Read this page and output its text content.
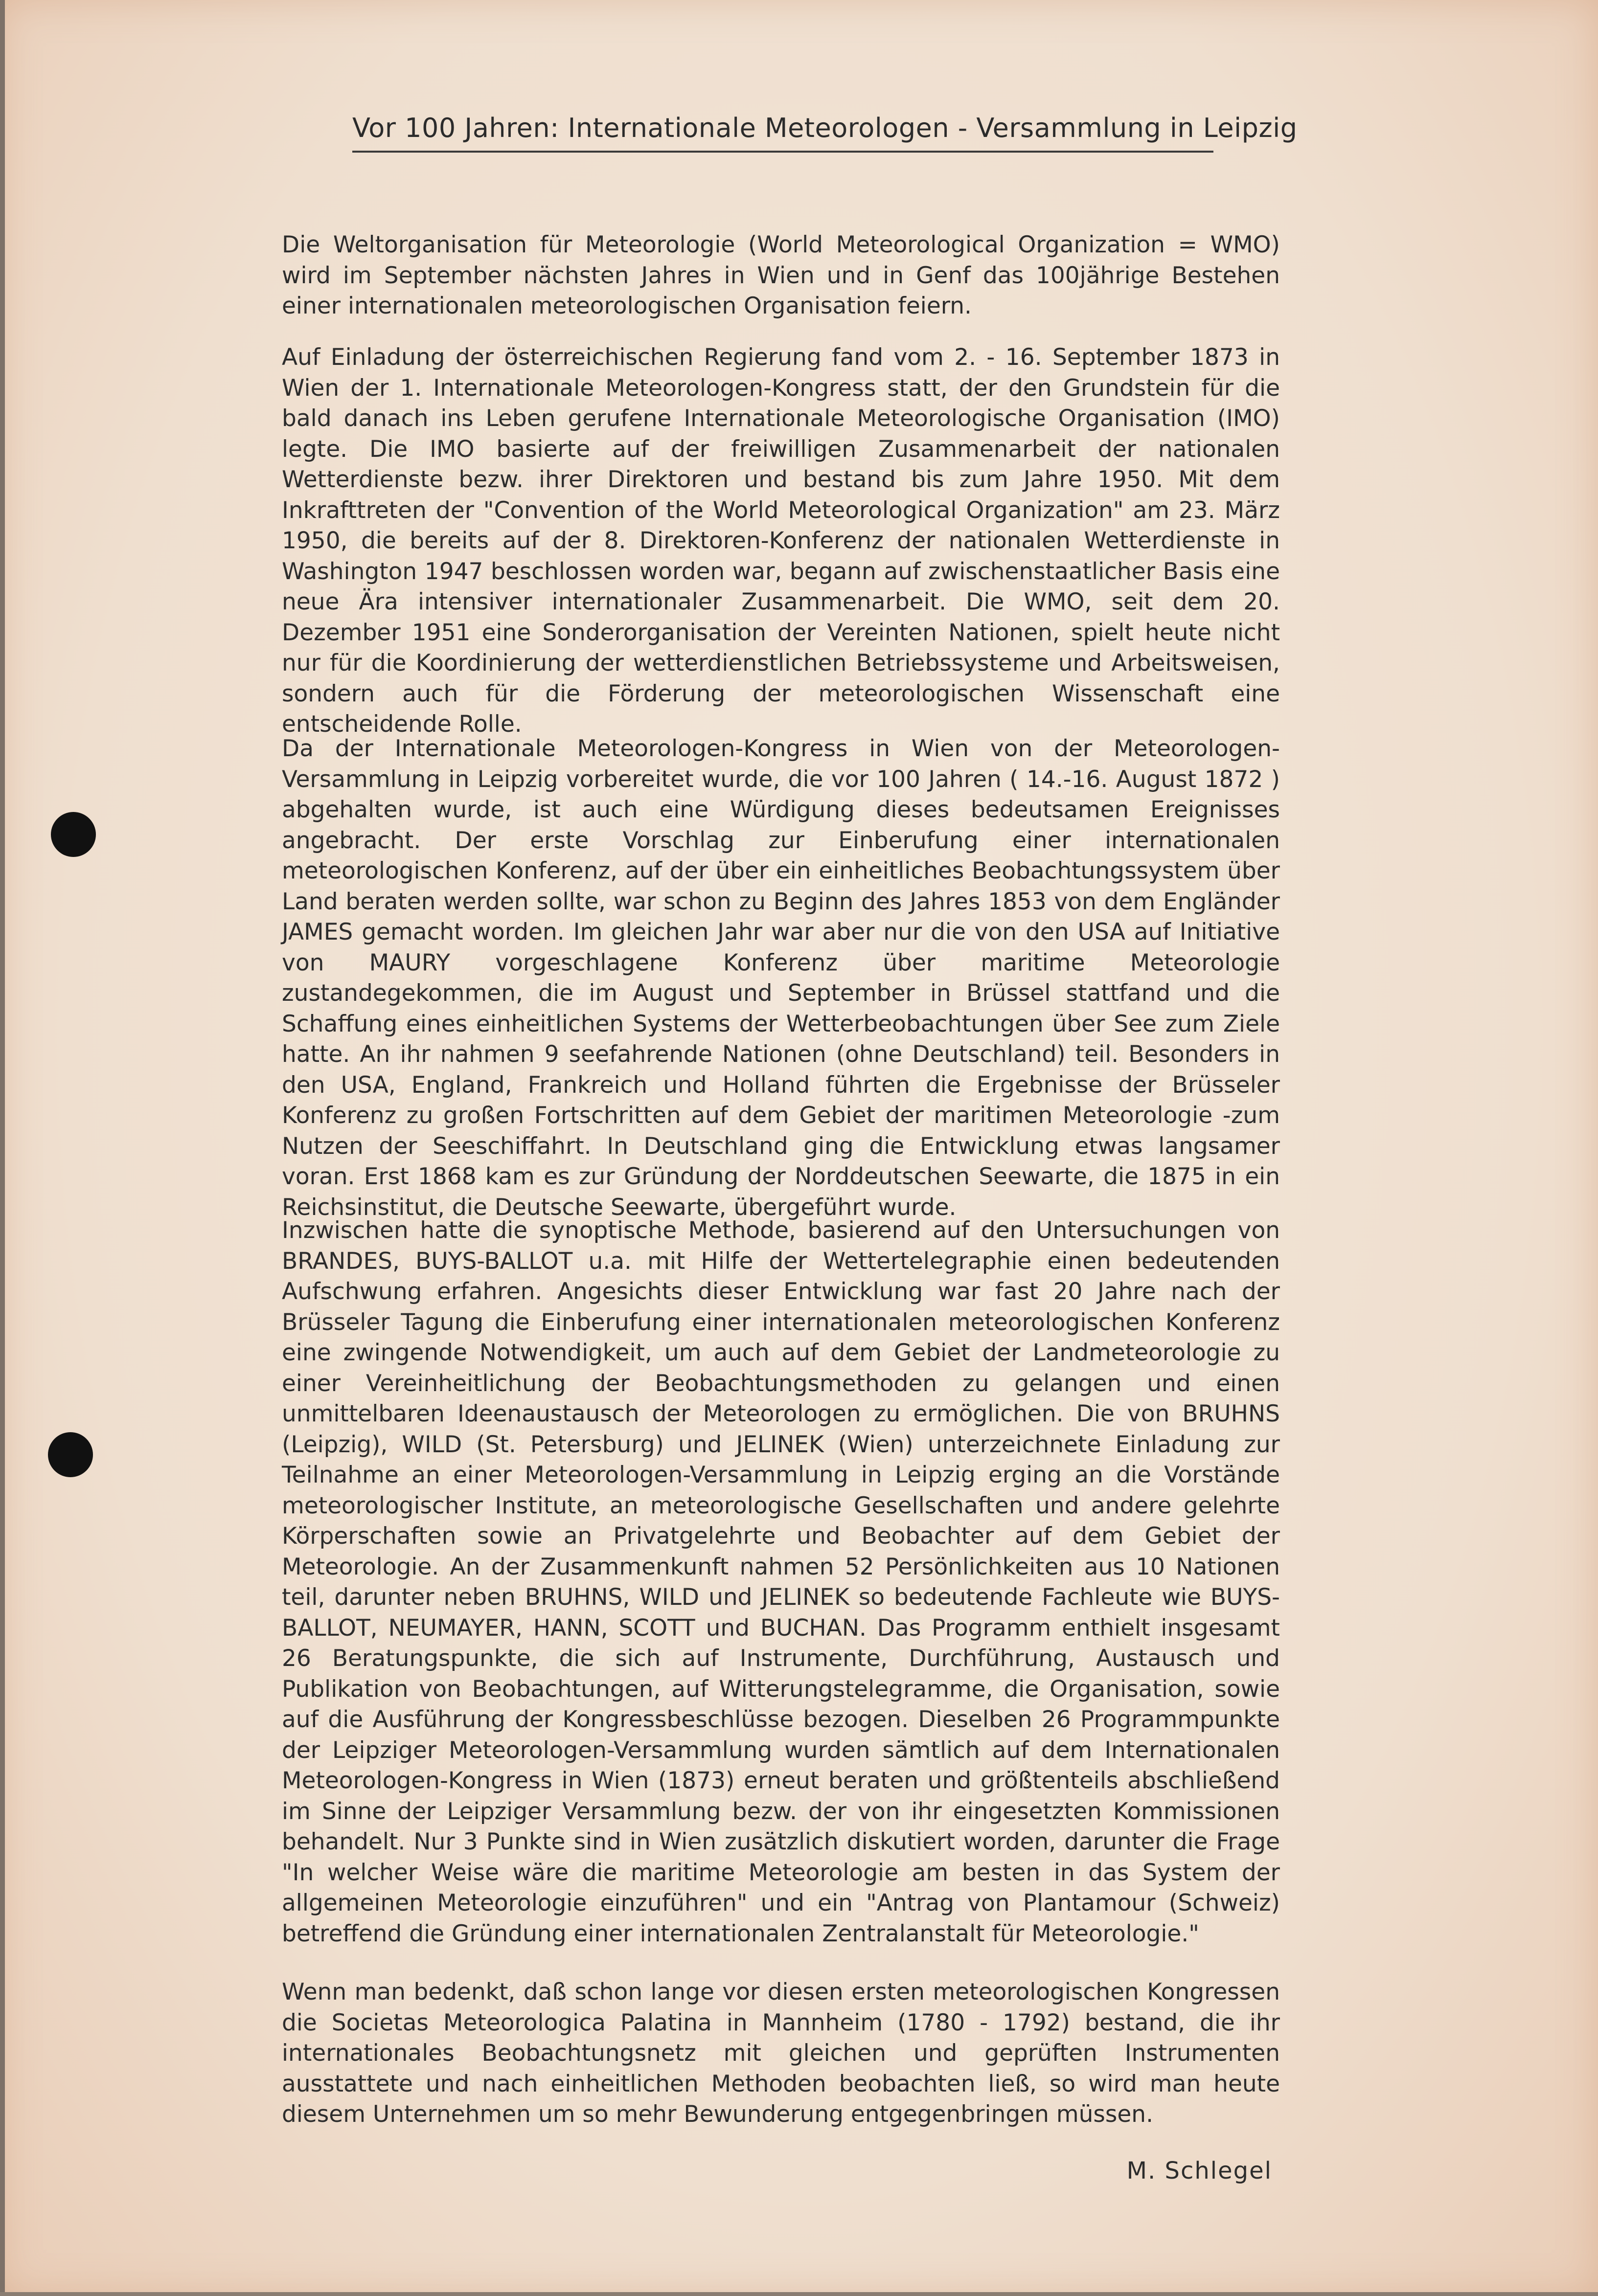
Vor 100 Jahren: Internationale Meteorologen - Versammlung in Leipzig

Die Weltorganisation für Meteorologie (World Meteorological Organization = WMO) wird im September nächsten Jahres in Wien und in Genf das 100jährige Bestehen einer internationalen meteorologischen Organisation feiern.

Auf Einladung der österreichischen Regierung fand vom 2. - 16. September 1873 in Wien der 1. Internationale Meteorologen-Kongress statt, der den Grundstein für die bald danach ins Leben gerufene Internationale Meteorologische Organisation (IMO) legte. Die IMO basierte auf der freiwilligen Zusammenarbeit der nationalen Wetterdienste bezw. ihrer Direktoren und bestand bis zum Jahre 1950. Mit dem Inkrafttreten der "Convention of the World Meteorological Organization" am 23. März 1950, die bereits auf der 8. Direktoren-Konferenz der nationalen Wetterdienste in Washington 1947 beschlossen worden war, begann auf zwischenstaatlicher Basis eine neue Ära intensiver internationaler Zusammenarbeit. Die WMO, seit dem 20. Dezember 1951 eine Sonderorganisation der Vereinten Nationen, spielt heute nicht nur für die Koordinierung der wetterdienstlichen Betriebssysteme und Arbeitsweisen, sondern auch für die Förderung der meteorologischen Wissenschaft eine entscheidende Rolle.

Da der Internationale Meteorologen-Kongress in Wien von der Meteorologen-Versammlung in Leipzig vorbereitet wurde, die vor 100 Jahren ( 14.-16. August 1872 ) abgehalten wurde, ist auch eine Würdigung dieses bedeutsamen Ereignisses angebracht. Der erste Vorschlag zur Einberufung einer internationalen meteorologischen Konferenz, auf der über ein einheitliches Beobachtungssystem über Land beraten werden sollte, war schon zu Beginn des Jahres 1853 von dem Engländer JAMES gemacht worden. Im gleichen Jahr war aber nur die von den USA auf Initiative von MAURY vorgeschlagene Konferenz über maritime Meteorologie zustandegekommen, die im August und September in Brüssel stattfand und die Schaffung eines einheitlichen Systems der Wetterbeobachtungen über See zum Ziele hatte. An ihr nahmen 9 seefahrende Nationen (ohne Deutschland) teil. Besonders in den USA, England, Frankreich und Holland führten die Ergebnisse der Brüsseler Konferenz zu großen Fortschritten auf dem Gebiet der maritimen Meteorologie -zum Nutzen der Seeschiffahrt. In Deutschland ging die Entwicklung etwas langsamer voran. Erst 1868 kam es zur Gründung der Norddeutschen Seewarte, die 1875 in ein Reichsinstitut, die Deutsche Seewarte, übergeführt wurde.

Inzwischen hatte die synoptische Methode, basierend auf den Untersuchungen von BRANDES, BUYS-BALLOT u.a. mit Hilfe der Wettertelegraphie einen bedeutenden Aufschwung erfahren. Angesichts dieser Entwicklung war fast 20 Jahre nach der Brüsseler Tagung die Einberufung einer internationalen meteorologischen Konferenz eine zwingende Notwendigkeit, um auch auf dem Gebiet der Landmeteorologie zu einer Vereinheitlichung der Beobachtungsmethoden zu gelangen und einen unmittelbaren Ideenaustausch der Meteorologen zu ermöglichen. Die von BRUHNS (Leipzig), WILD (St. Petersburg) und JELINEK (Wien) unterzeichnete Einladung zur Teilnahme an einer Meteorologen-Versammlung in Leipzig erging an die Vorstände meteorologischer Institute, an meteorologische Gesellschaften und andere gelehrte Körperschaften sowie an Privatgelehrte und Beobachter auf dem Gebiet der Meteorologie. An der Zusammenkunft nahmen 52 Persönlichkeiten aus 10 Nationen teil, darunter neben BRUHNS, WILD und JELINEK so bedeutende Fachleute wie BUYS-BALLOT, NEUMAYER, HANN, SCOTT und BUCHAN. Das Programm enthielt insgesamt 26 Beratungspunkte, die sich auf Instrumente, Durchführung, Austausch und Publikation von Beobachtungen, auf Witterungstelegramme, die Organisation, sowie auf die Ausführung der Kongressbeschlüsse bezogen. Dieselben 26 Programmpunkte der Leipziger Meteorologen-Versammlung wurden sämtlich auf dem Internationalen Meteorologen-Kongress in Wien (1873) erneut beraten und größtenteils abschließend im Sinne der Leipziger Versammlung bezw. der von ihr eingesetzten Kommissionen behandelt. Nur 3 Punkte sind in Wien zusätzlich diskutiert worden, darunter die Frage "In welcher Weise wäre die maritime Meteorologie am besten in das System der allgemeinen Meteorologie einzuführen" und ein "Antrag von Plantamour (Schweiz) betreffend die Gründung einer internationalen Zentralanstalt für Meteorologie."

Wenn man bedenkt, daß schon lange vor diesen ersten meteorologischen Kongressen die Societas Meteorologica Palatina in Mannheim (1780 - 1792) bestand, die ihr internationales Beobachtungsnetz mit gleichen und geprüften Instrumenten ausstattete und nach einheitlichen Methoden beobachten ließ, so wird man heute diesem Unternehmen um so mehr Bewunderung entgegenbringen müssen.

M. Schlegel
